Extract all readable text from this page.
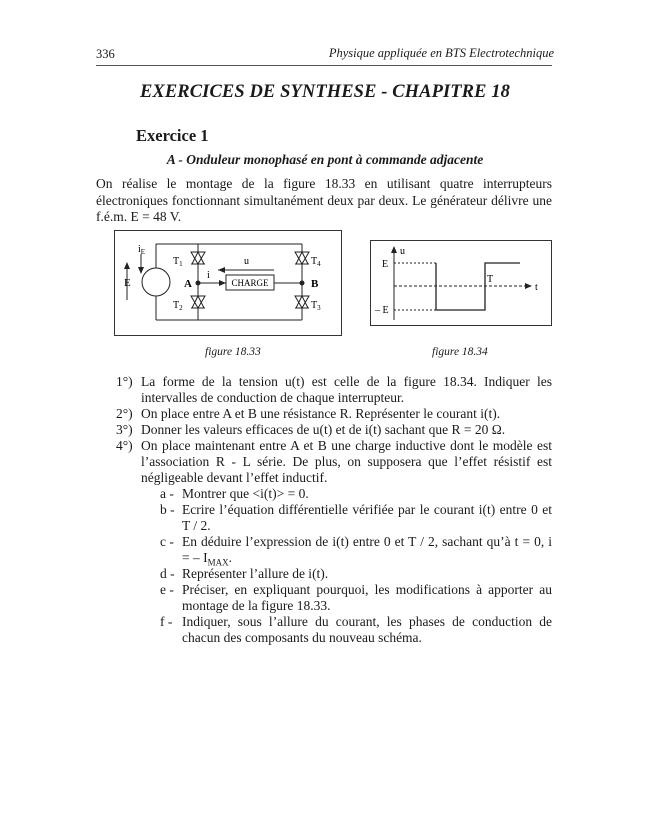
336	Physique appliquée en BTS Electrotechnique
EXERCICES DE SYNTHESE - CHAPITRE 18
Exercice 1
A - Onduleur monophasé en pont à commande adjacente
On réalise le montage de la figure 18.33 en utilisant quatre interrupteurs électroniques fonctionnant simultanément deux par deux. Le générateur délivre une f.é.m. E = 48 V.
$i_E$
E
$T_1$
$T_2$
$T_4$
$T_3$
A	B
u
i
CHARGE
u
E
– E
T
t
figure 18.33	figure 18.34
1°) La forme de la tension u(t) est celle de la figure 18.34. Indiquer les intervalles de conduction de chaque interrupteur.
2°) On place entre A et B une résistance R. Représenter le courant i(t).
3°) Donner les valeurs efficaces de u(t) et de i(t) sachant que R = 20 Ω.
4°) On place maintenant entre A et B une charge inductive dont le modèle est l’association R - L série. De plus, on supposera que l’effet résistif est négligeable devant l’effet inductif.
a - Montrer que <i(t)> = 0.
b - Ecrire l’équation différentielle vérifiée par le courant i(t) entre 0 et T / 2.
c - En déduire l’expression de i(t) entre 0 et T / 2, sachant qu’à t = 0, i = – $I_{MAX}$.
d - Représenter l’allure de i(t).
e - Préciser, en expliquant pourquoi, les modifications à apporter au montage de la figure 18.33.
f - Indiquer, sous l’allure du courant, les phases de conduction de chacun des composants du nouveau schéma.
